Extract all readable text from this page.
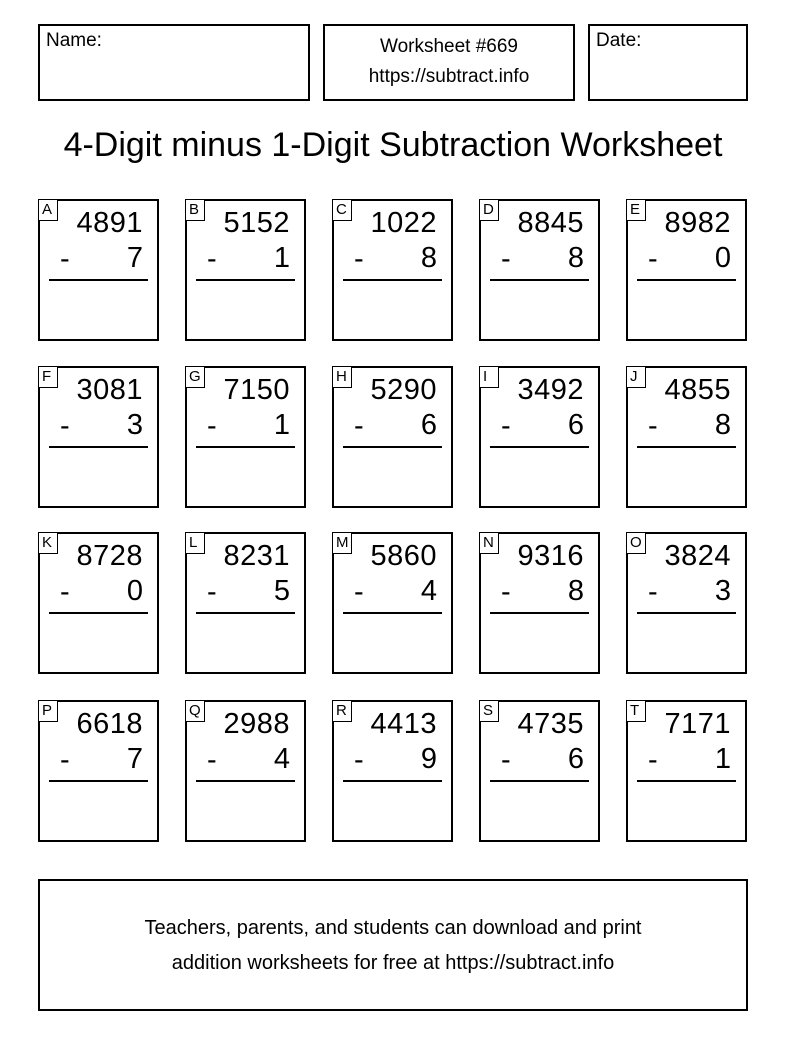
Name:	Worksheet #669
https://subtract.info
Date:
4-Digit minus 1-Digit Subtraction Worksheet
A 4891
- 7
B 5152
- 1
C 1022
- 8
D 8845
- 8
E 8982
- 0
F 3081
- 3
G 7150
- 1
H 5290
- 6
I	3492
- 6
J 4855
- 8
K 8728
- 0
L 8231
- 5
M 5860
- 4
N 9316
- 8
O 3824
- 3
P 6618
- 7
Q 2988
- 4
R 4413
- 9
S 4735
- 6
T 7171
- 1
Teachers, parents, and students can download and print
addition worksheets for free at https://subtract.info
